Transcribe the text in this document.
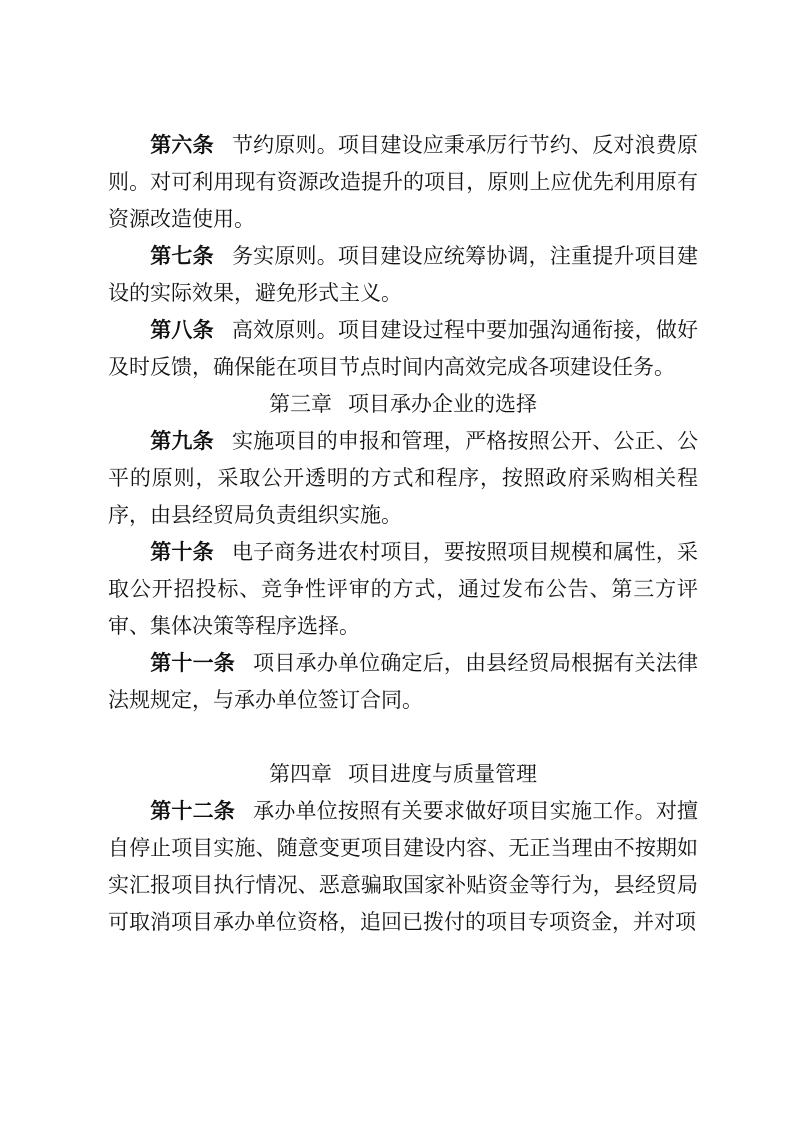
第六条 节约原则。项目建设应秉承厉行节约、反对浪费原则。对可利用现有资源改造提升的项目，原则上应优先利用原有资源改造使用。

第七条 务实原则。项目建设应统筹协调，注重提升项目建设的实际效果，避免形式主义。

第八条 高效原则。项目建设过程中要加强沟通衔接，做好及时反馈，确保能在项目节点时间内高效完成各项建设任务。

第三章 项目承办企业的选择

第九条 实施项目的申报和管理，严格按照公开、公正、公平的原则，采取公开透明的方式和程序，按照政府采购相关程序，由县经贸局负责组织实施。

第十条 电子商务进农村项目，要按照项目规模和属性，采取公开招投标、竞争性评审的方式，通过发布公告、第三方评审、集体决策等程序选择。

第十一条 项目承办单位确定后，由县经贸局根据有关法律法规规定，与承办单位签订合同。

第四章 项目进度与质量管理

第十二条 承办单位按照有关要求做好项目实施工作。对擅自停止项目实施、随意变更项目建设内容、无正当理由不按期如实汇报项目执行情况、恶意骗取国家补贴资金等行为，县经贸局可取消项目承办单位资格，追回已拨付的项目专项资金，并对项
